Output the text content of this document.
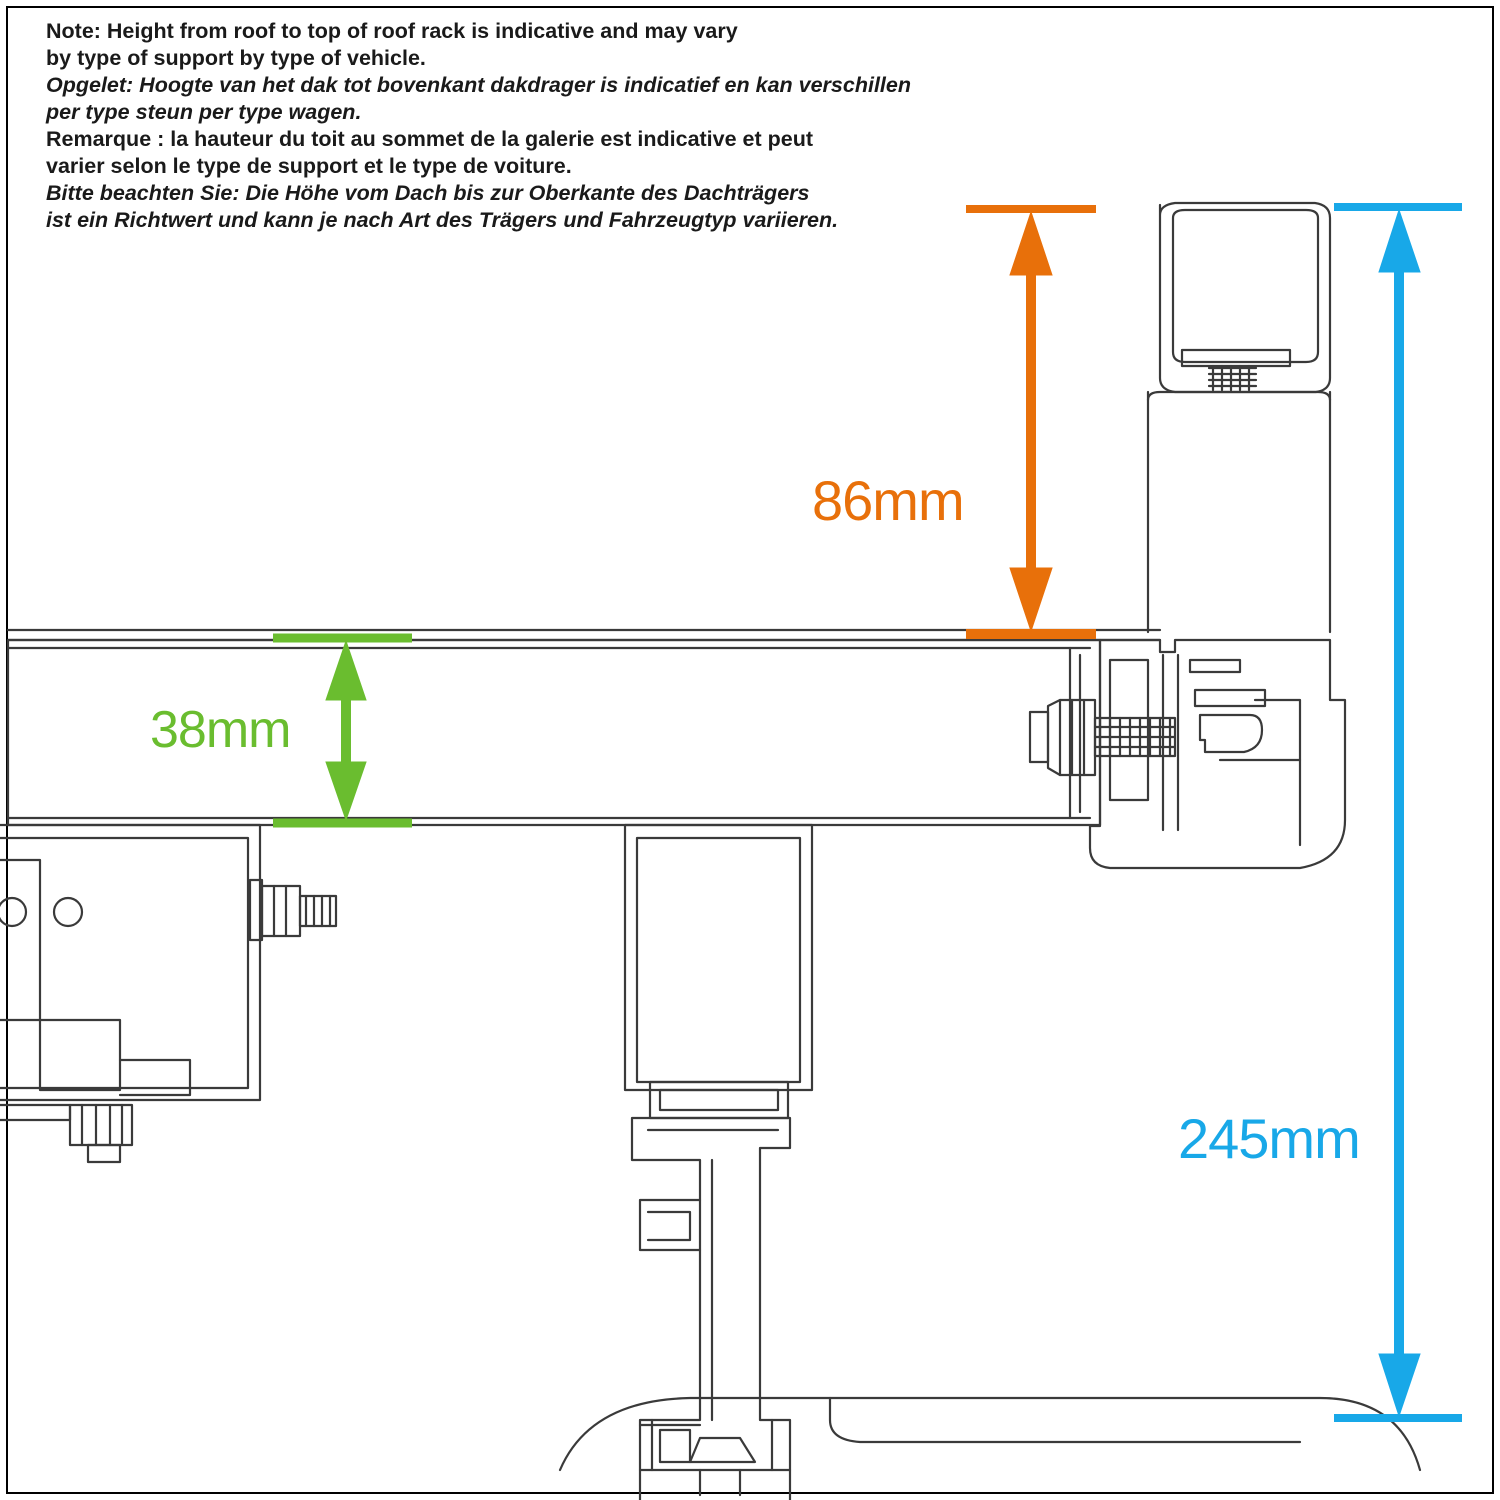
Note: Height from roof to top of roof rack is indicative and may vary
by type of support by type of vehicle.
Opgelet: Hoogte van het dak tot bovenkant dakdrager is indicatief en kan verschillen
per type steun per type wagen.
Remarque : la hauteur du toit au sommet de la galerie est indicative et peut
varier selon le type de support et le type de voiture.
Bitte beachten Sie: Die Höhe vom Dach bis zur Oberkante des Dachträgers
ist ein Richtwert und kann je nach Art des Trägers und Fahrzeugtyp variieren.
86mm
38mm
245mm
